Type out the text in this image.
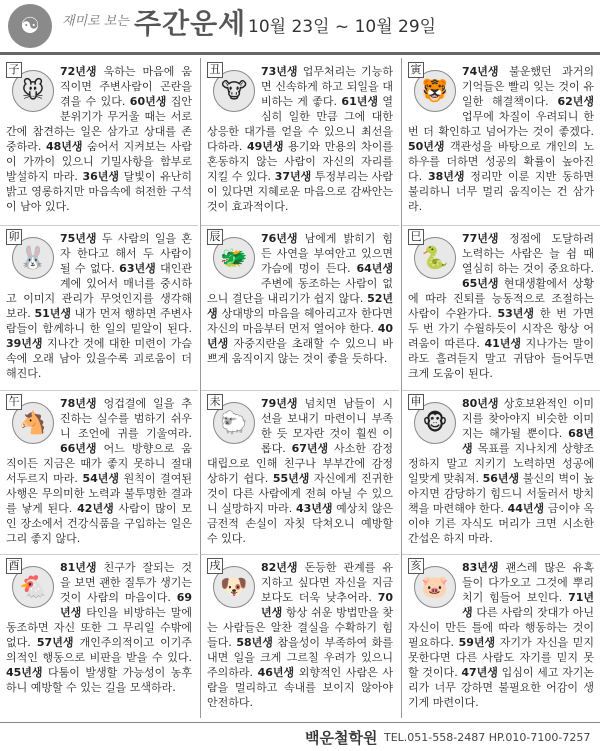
☯	재미로 보는 주간운세 10월 23일 ~ 10월 29일
子
🐭
72년생 욱하는 마음에 움직이면 주변사람이 곤란을 겪을 수 있다. 60년생 집안분위기가 무거울 때는 서로간에 참견하는 일은 삼가고 상대를 존중하라. 48년생 숨어서 지켜보는 사람이 가까이 있으니 기밀사항을 함부로 발설하지 마라. 36년생 달빛이 유난히 밝고 영롱하지만 마음속에 허전한 구석이 남아 있다.
卯
🐰
75년생 두 사람의 일을 혼자 한다고 해서 두 사람이 될 수 없다. 63년생 대인관계에 있어서 매너를 중시하고 이미지 관리가 무엇인지를 생각해 보라. 51년생 내가 먼저 행하면 주변사람들이 함께하니 한 일의 밑알이 된다. 39년생 지나간 것에 대한 미련이 가슴속에 오래 남아 있을수록 괴로움이 더해진다.
午
🐴
78년생 엉겁결에 일을 추진하는 실수를 범하기 쉬우니 조언에 귀를 기울여라. 66년생 어느 방향으로 움직이든 지금은 때가 좋지 못하니 절대 서두르지 마라. 54년생 원칙이 결여된 사행은 무의미한 노력과 불투명한 결과를 낳게 된다. 42년생 사람이 많이 모인 장소에서 건강식품을 구입하는 일은 그리 좋지 않다.
酉
🐔
81년생 친구가 잘되는 것을 보면 괜한 질투가 생기는 것이 사람의 마음이다. 69년생 타인을 비방하는 말에 동조하면 자신 또한 그 무리일 수밖에 없다. 57년생 개인주의적이고 이기주의적인 행동으로 비판을 받을 수 있다. 45년생 다툼이 발생할 가능성이 농후하니 예방할 수 있는 길을 모색하라.
丑
🐮
73년생 업무처리는 기능하면 신속하게 하고 되일을 대비하는 게 좋다. 61년생 열심히 일한 만큼 그에 대한 상응한 대가를 얻을 수 있으니 최선을 다하라. 49년생 용기와 만용의 차이를 혼동하지 않는 사람이 자신의 자리를 지킬 수 있다. 37년생 투정부리는 사람이 있다면 지혜로운 마음으로 감싸안는 것이 효과적이다.
辰
🐲
76년생 남에게 밝히기 힘든 사연을 부여안고 있으면 가슴에 멍이 든다. 64년생 주변에 동조하는 사람이 없으니 결단을 내리기가 쉽지 않다. 52년생 상대방의 마음을 헤아리고자 한다면 자신의 마음부터 먼저 열어야 한다. 40년생 자중지란을 초래할 수 있으니 바쁘게 움직이지 않는 것이 좋을 듯하다.
未
🐑
79년생 넘치면 남들이 시선을 보내기 마련이니 부족한 듯 모자란 것이 훨씬 이롭다. 67년생 사소한 감정대립으로 인해 친구나 부부간에 감정 상하기 쉽다. 55년생 자신에게 진귀한 것이 다른 사람에게 전혀 아닐 수 있으니 실망하지 마라. 43년생 예상치 않은 금전적 손실이 자칫 닥쳐오니 예방할 수 있다.
戌
🐶
82년생 돈등한 관계를 유지하고 싶다면 자신을 지금보다도 더욱 낮추어라. 70년생 항상 쉬운 방법만을 찾는 사람들은 알찬 결실을 수확하기 힘들다. 58년생 참을성이 부족하여 화를 내면 일을 크게 그르칠 우려가 있으니 주의하라. 46년생 외향적인 사람은 사람을 멀리하고 속내를 보이지 않아야 안전하다.
寅
🐯
74년생 불운했던 과거의 기억들은 빨리 잊는 것이 유일한 해결책이다. 62년생 업무에 차질이 우려되니 한 번 더 확인하고 넘어가는 것이 좋겠다. 50년생 객관성을 바탕으로 개인의 노하우를 더하면 성공의 확률이 높아진다. 38년생 정리만 이룬 지반 동하면 불리하니 너무 멀리 움직이는 건 삼가라.
巳
🐍
77년생 정점에 도달하려 노력하는 사람은 늘 쉼 때 열심히 하는 것이 중요하다. 65년생 현대생활에서 상황에 따라 진퇴를 능동적으로 조절하는 사람이 수완가다. 53년생 한 번 가면 두 번 가기 수월하듯이 시작은 항상 어려움이 따른다. 41년생 지나가는 말이라도 흘려듣지 말고 귀담아 들어두면 크게 도움이 된다.
申
🐵
80년생 상호보완적인 이미지를 찾아야지 비슷한 이미지는 해가될 뿐이다. 68년생 목표를 지나치게 상향조정하지 말고 지키기 노력하면 성공에 일맞게 맞춰져. 56년생 불신의 벽이 높아지면 감당하기 힘드니 서둘러서 방치책을 마련해야 한다. 44년생 금이야 옥이야 기른 자식도 머리가 크면 시소한 간섭은 하지 마라.
亥
🐷
83년생 괜스레 많은 유혹들이 다가오고 그것에 뿌리치기 힘들어 보인다. 71년생 다른 사람의 잣대가 아닌 자신이 만든 틀에 따라 행동하는 것이 필요하다. 59년생 자기가 자신을 믿지 못한다면 다른 사람도 자기를 믿지 못할 것이다. 47년생 입심이 세고 자기논리가 너무 강하면 불필요한 어감이 생기게 마련이다.
백운철학원 TEL.051-558-2487 HP.010-7100-7257
